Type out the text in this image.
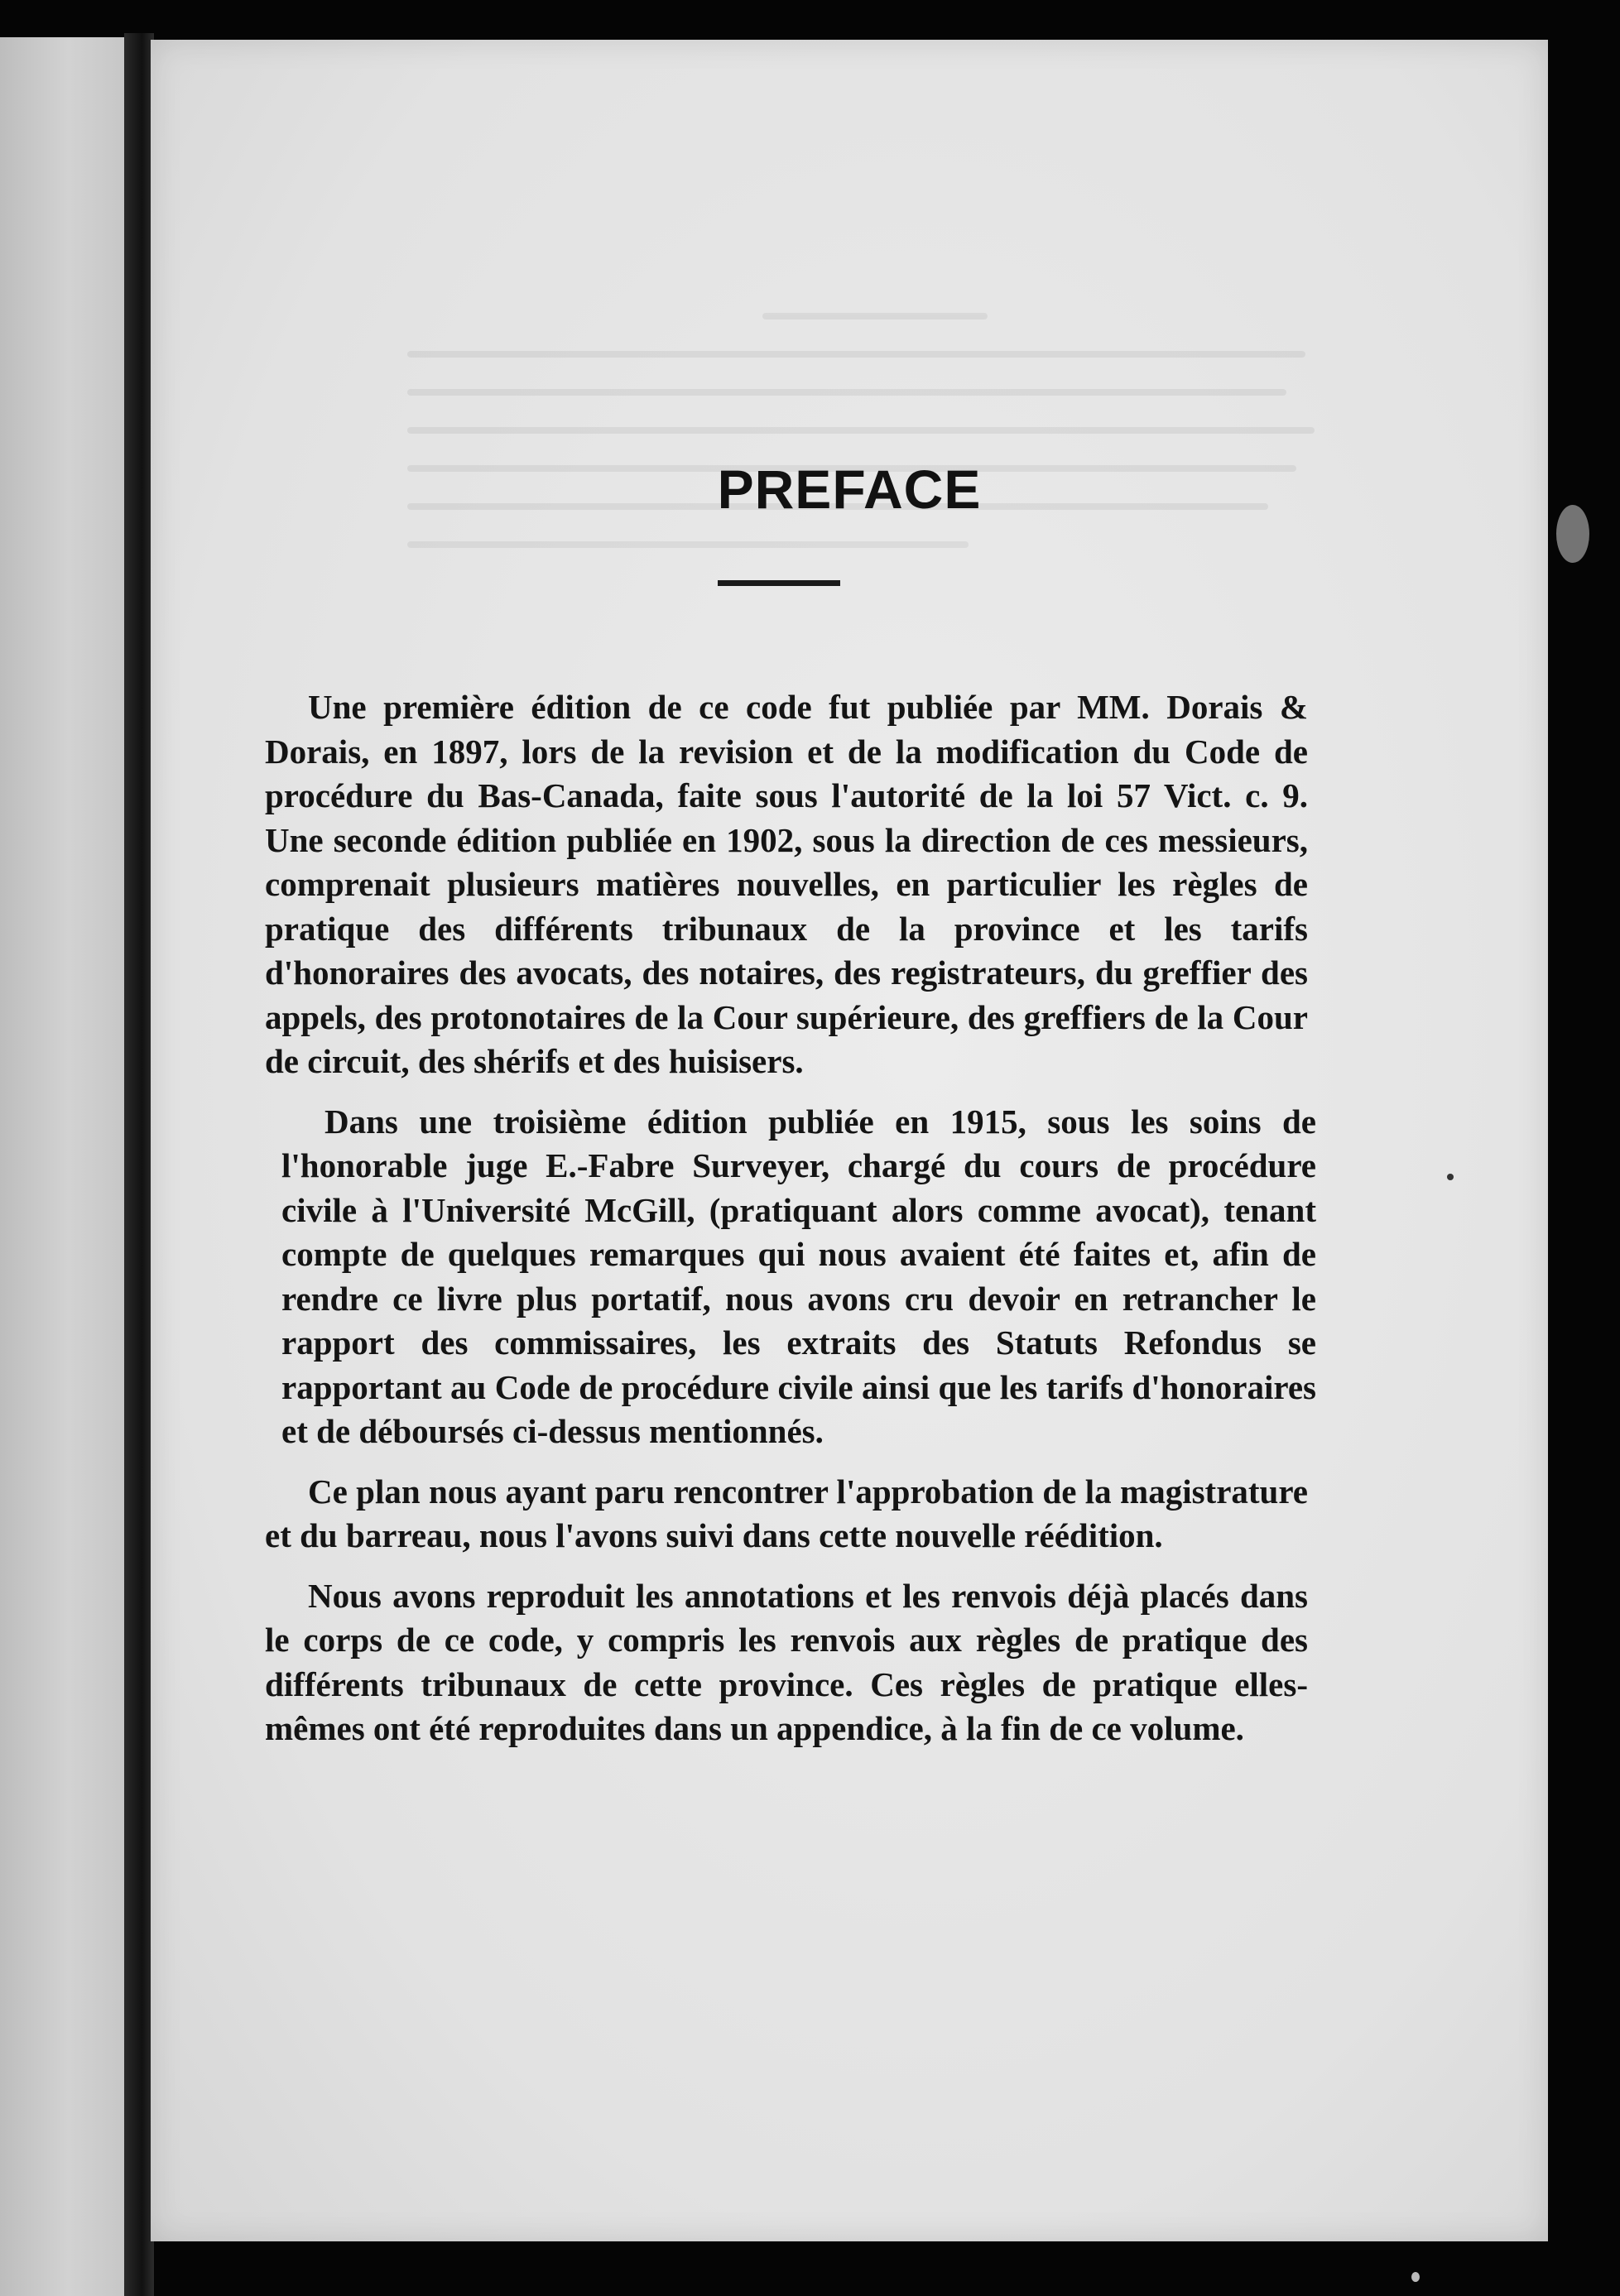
PREFACE

Une première édition de ce code fut publiée par MM. Dorais & Dorais, en 1897, lors de la revision et de la modification du Code de procédure du Bas-Canada, faite sous l'autorité de la loi 57 Vict. c. 9. Une seconde édition publiée en 1902, sous la direction de ces messieurs, comprenait plusieurs matières nouvelles, en particulier les règles de pratique des différents tribunaux de la province et les tarifs d'honoraires des avocats, des notaires, des registrateurs, du greffier des appels, des protonotaires de la Cour supérieure, des greffiers de la Cour de circuit, des shérifs et des huisisers.

Dans une troisième édition publiée en 1915, sous les soins de l'honorable juge E.-Fabre Surveyer, chargé du cours de procédure civile à l'Université McGill, (pratiquant alors comme avocat), tenant compte de quelques remarques qui nous avaient été faites et, afin de rendre ce livre plus portatif, nous avons cru devoir en retrancher le rapport des commissaires, les extraits des Statuts Refondus se rapportant au Code de procédure civile ainsi que les tarifs d'honoraires et de déboursés ci-dessus mentionnés.

Ce plan nous ayant paru rencontrer l'approbation de la magistrature et du barreau, nous l'avons suivi dans cette nouvelle réédition.

Nous avons reproduit les annotations et les renvois déjà placés dans le corps de ce code, y compris les renvois aux règles de pratique des différents tribunaux de cette province. Ces règles de pratique elles-mêmes ont été reproduites dans un appendice, à la fin de ce volume.
